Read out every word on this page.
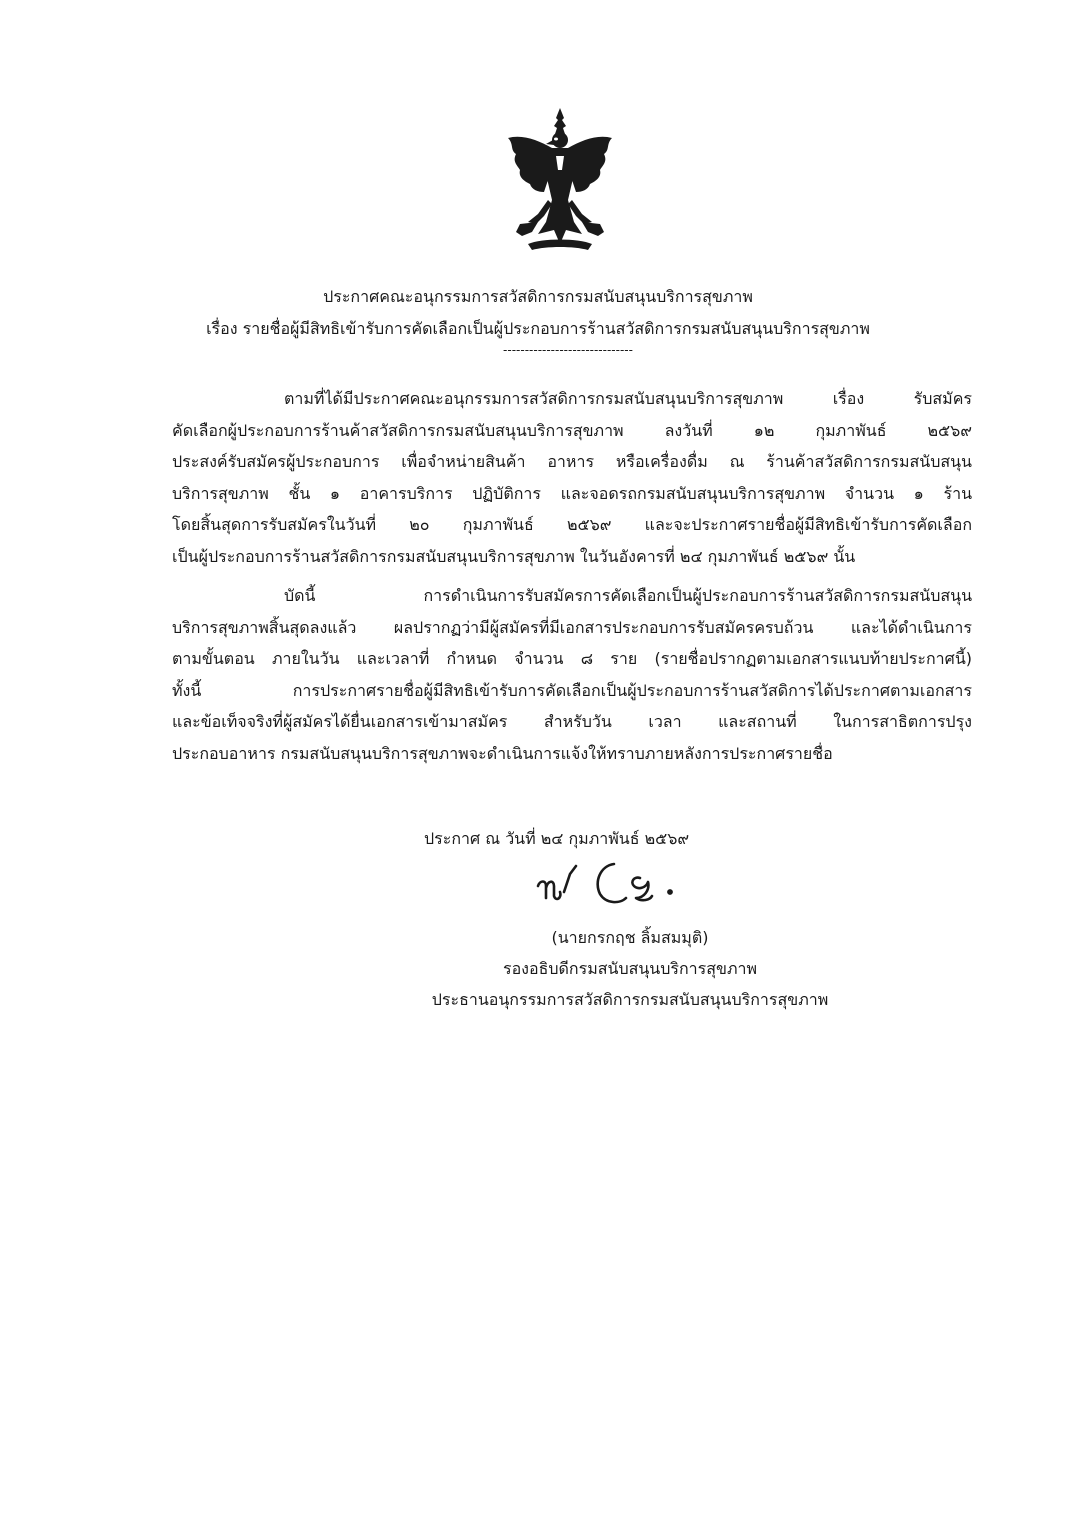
ประกาศคณะอนุกรรมการสวัสดิการกรมสนับสนุนบริการสุขภาพ
เรื่อง รายชื่อผู้มีสิทธิเข้ารับการคัดเลือกเป็นผู้ประกอบการร้านสวัสดิการกรมสนับสนุนบริการสุขภาพ
------------------------------
ตามที่ได้มีประกาศคณะอนุกรรมการสวัสดิการกรมสนับสนุนบริการสุขภาพ เรื่อง รับสมัคร
คัดเลือกผู้ประกอบการร้านค้าสวัสดิการกรมสนับสนุนบริการสุขภาพ ลงวันที่ ๑๒ กุมภาพันธ์ ๒๕๖๙
ประสงค์รับสมัครผู้ประกอบการ เพื่อจำหน่ายสินค้า อาหาร หรือเครื่องดื่ม ณ ร้านค้าสวัสดิการกรมสนับสนุน
บริการสุขภาพ ชั้น ๑ อาคารบริการ ปฏิบัติการ และจอดรถกรมสนับสนุนบริการสุขภาพ จำนวน ๑ ร้าน
โดยสิ้นสุดการรับสมัครในวันที่ ๒๐ กุมภาพันธ์ ๒๕๖๙ และจะประกาศรายชื่อผู้มีสิทธิเข้ารับการคัดเลือก
เป็นผู้ประกอบการร้านสวัสดิการกรมสนับสนุนบริการสุขภาพ ในวันอังคารที่ ๒๔ กุมภาพันธ์ ๒๕๖๙ นั้น
บัดนี้ การดำเนินการรับสมัครการคัดเลือกเป็นผู้ประกอบการร้านสวัสดิการกรมสนับสนุน
บริการสุขภาพสิ้นสุดลงแล้ว ผลปรากฏว่ามีผู้สมัครที่มีเอกสารประกอบการรับสมัครครบถ้วน และได้ดำเนินการ
ตามขั้นตอน ภายในวัน และเวลาที่ กำหนด จำนวน ๘ ราย (รายชื่อปรากฏตามเอกสารแนบท้ายประกาศนี้)
ทั้งนี้ การประกาศรายชื่อผู้มีสิทธิเข้ารับการคัดเลือกเป็นผู้ประกอบการร้านสวัสดิการได้ประกาศตามเอกสาร
และข้อเท็จจริงที่ผู้สมัครได้ยื่นเอกสารเข้ามาสมัคร สำหรับวัน เวลา และสถานที่ ในการสาธิตการปรุง
ประกอบอาหาร กรมสนับสนุนบริการสุขภาพจะดำเนินการแจ้งให้ทราบภายหลังการประกาศรายชื่อ
ประกาศ ณ วันที่ ๒๔ กุมภาพันธ์ ๒๕๖๙
(นายกรกฤช ลิ้มสมมุติ)
รองอธิบดีกรมสนับสนุนบริการสุขภาพ
ประธานอนุกรรมการสวัสดิการกรมสนับสนุนบริการสุขภาพ
